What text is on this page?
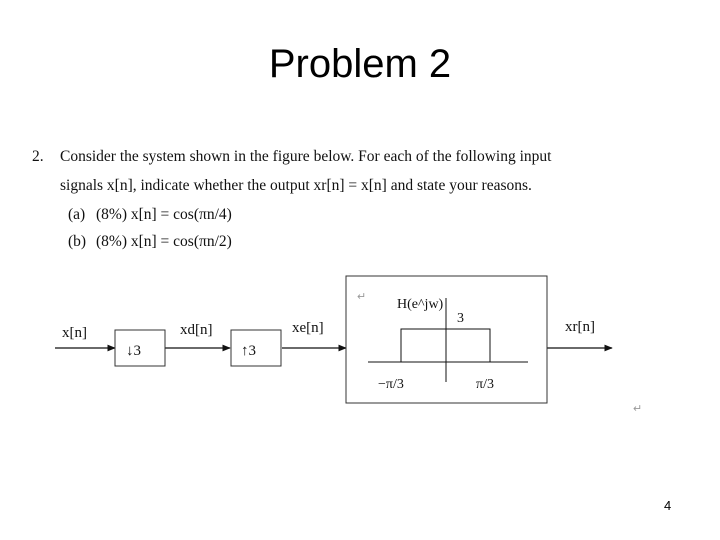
Problem 2
2. Consider the system shown in the figure below. For each of the following input
signals x[n], indicate whether the output xr[n] = x[n] and state your reasons.
(a) (8%) x[n] = cos(πn/4)
(b) (8%) x[n] = cos(πn/2)
↓3	↑3
x[n]	xd[n]	xe[n]	xr[n]
H(e^jw)
3
−π/3	π/3
↵
↵
4
